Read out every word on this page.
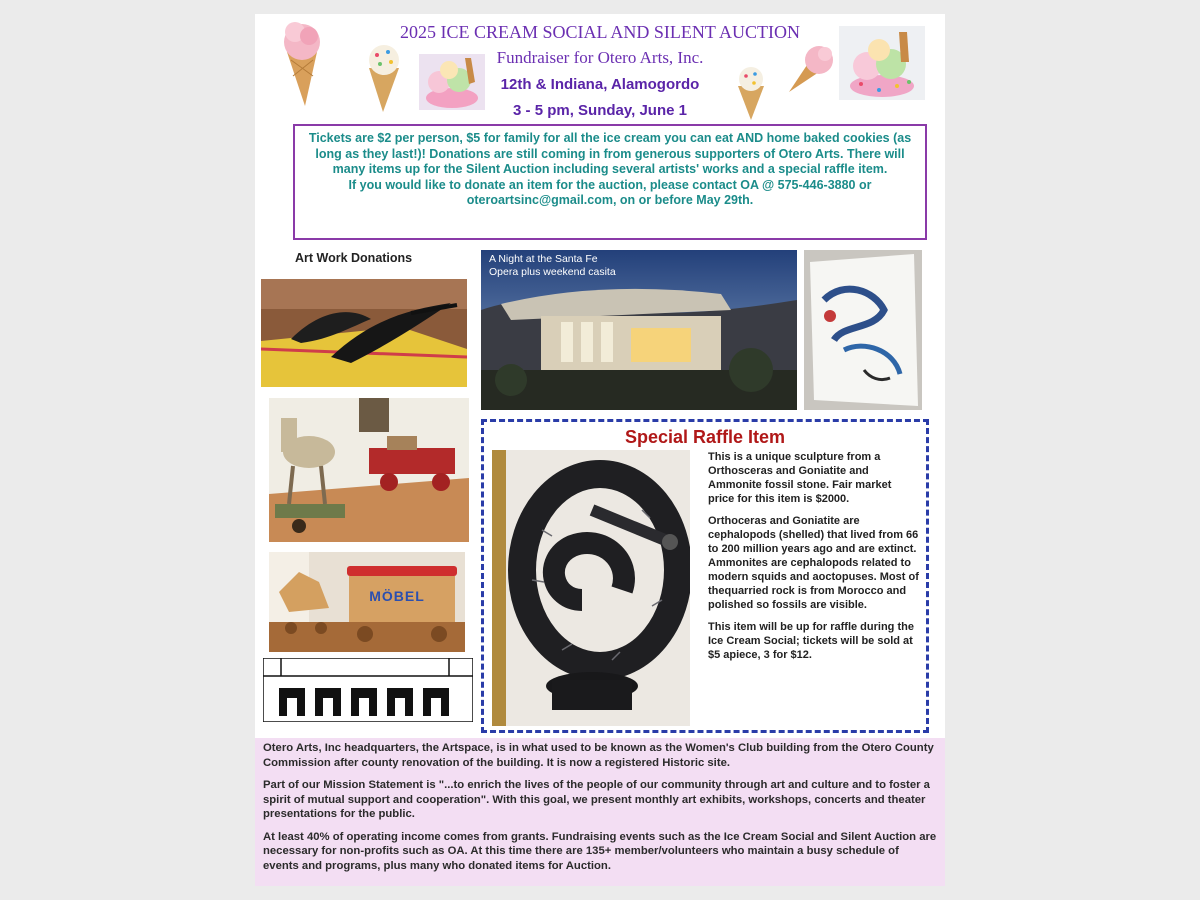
2025 ICE CREAM SOCIAL AND SILENT AUCTION
Fundraiser for Otero Arts, Inc.
12th & Indiana, Alamogordo
3 - 5 pm, Sunday, June 1
Tickets are $2 per person, $5 for family for all the ice cream you can eat AND home baked cookies (as long as they last!)! Donations are still coming in from generous supporters of Otero Arts. There will many items up for the Silent Auction including several artists' works and a special raffle item.
If you would like to donate an item for the auction, please contact OA @ 575-446-3880 or oteroartsinc@gmail.com, on or before May 29th.
Art Work Donations	A Night at the Santa Fe Opera plus weekend casita
MÖBEL
Special Raffle Item

This is a unique sculpture from a Orthosceras and Goniatite and Ammonite fossil stone. Fair market price for this item is $2000.

Orthoceras and Goniatite are cephalopods (shelled) that lived from 66 to 200 million years ago and are extinct. Ammonites are cephalopods related to modern squids and aoctopuses. Most of thequarried rock is from Morocco and polished so fossils are visible.

This item will be up for raffle during the Ice Cream Social; tickets will be sold at $5 apiece, 3 for $12.

Otero Arts, Inc headquarters, the Artspace, is in what used to be known as the Women's Club building from the Otero County Commission after county renovation of the building. It is now a registered Historic site.

Part of our Mission Statement is "...to enrich the lives of the people of our community through art and culture and to foster a spirit of mutual support and cooperation". With this goal, we present monthly art exhibits, workshops, concerts and theater presentations for the public.

At least 40% of operating income comes from grants. Fundraising events such as the Ice Cream Social and Silent Auction are necessary for non-profits such as OA. At this time there are 135+ member/volunteers who maintain a busy schedule of events and programs, plus many who donated items for Auction.
